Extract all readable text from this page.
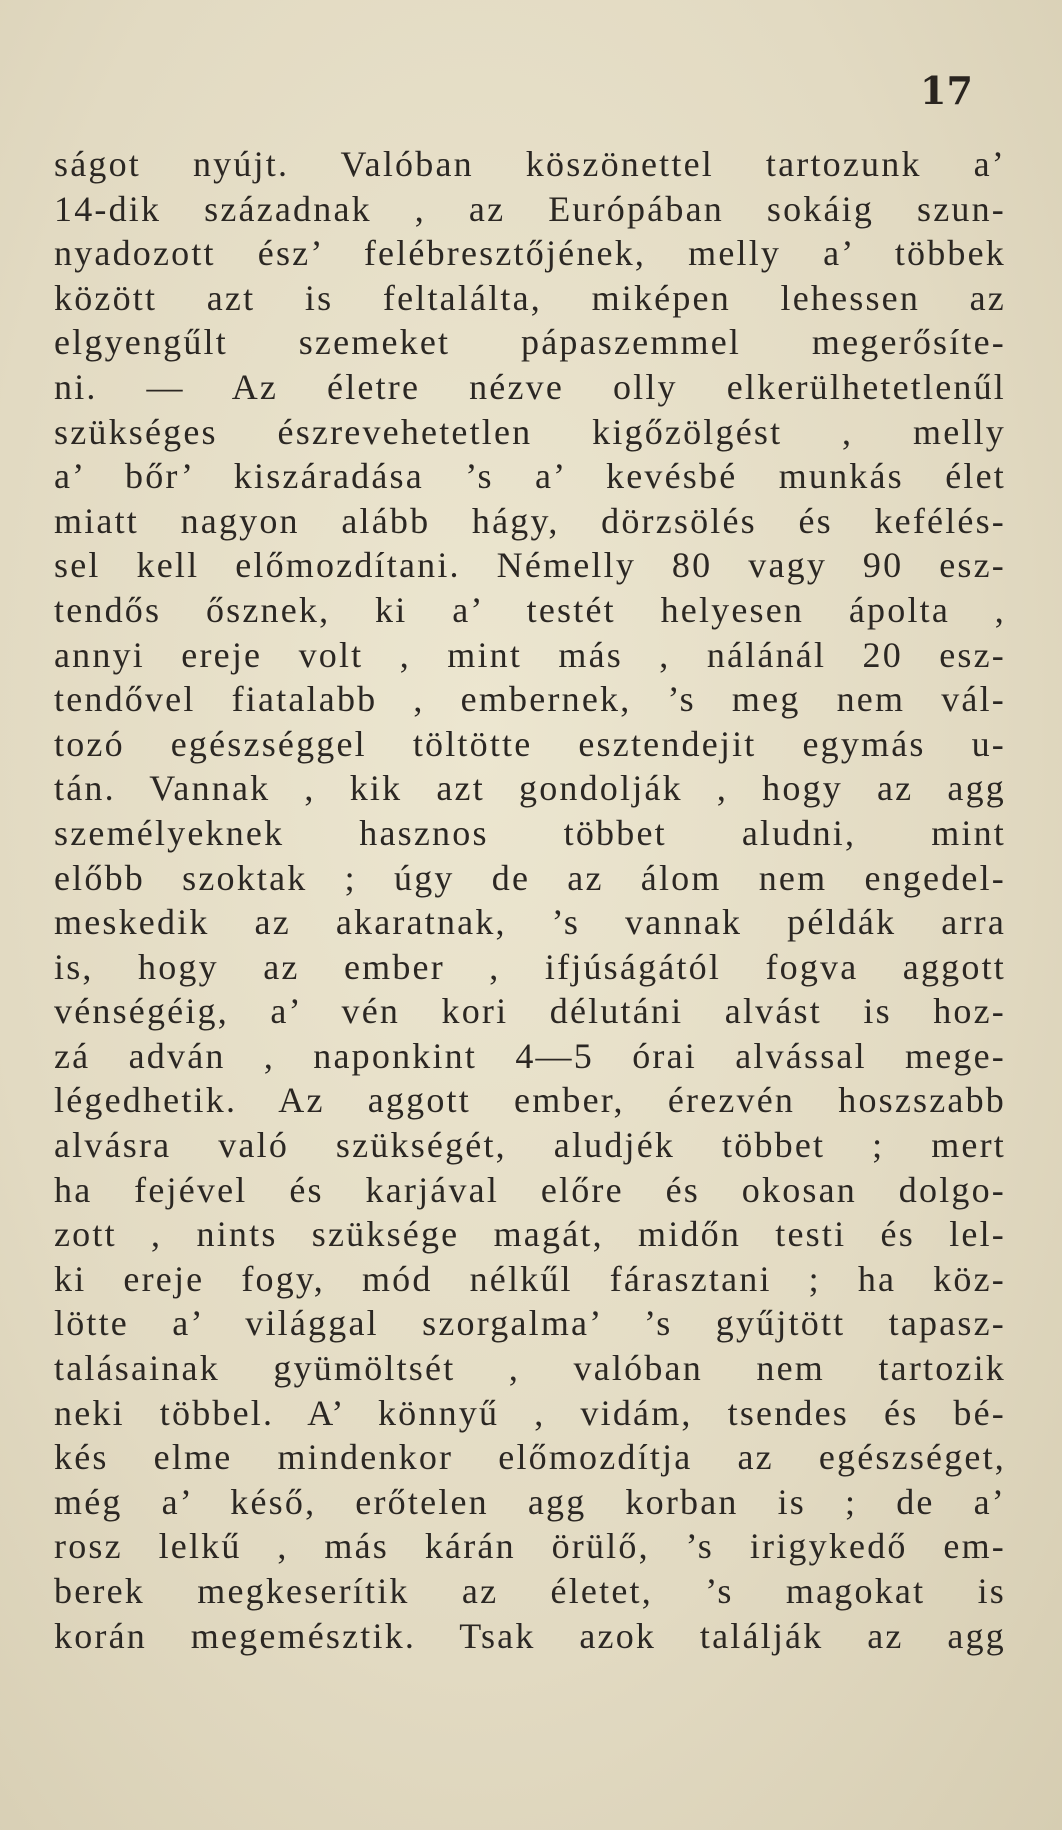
17
ságot nyújt. Valóban köszönettel tartozunk a’
14-dik századnak , az Európában sokáig szun-
nyadozott ész’ felébresztőjének, melly a’ többek
között azt is feltalálta, miképen lehessen az
elgyengűlt szemeket pápaszemmel megerősíte-
ni. — Az életre nézve olly elkerülhetetlenűl
szükséges észrevehetetlen kigőzölgést , melly
a’ bőr’ kiszáradása ’s a’ kevésbé munkás élet
miatt nagyon alább hágy, dörzsölés és kefélés-
sel kell előmozdítani. Némelly 80 vagy 90 esz-
tendős ősznek, ki a’ testét helyesen ápolta ,
annyi ereje volt , mint más , nálánál 20 esz-
tendővel fiatalabb , embernek, ’s meg nem vál-
tozó egészséggel töltötte esztendejit egymás u-
tán. Vannak , kik azt gondolják , hogy az agg
személyeknek hasznos többet aludni, mint
előbb szoktak ; úgy de az álom nem engedel-
meskedik az akaratnak, ’s vannak példák arra
is, hogy az ember , ifjúságától fogva aggott
vénségéig, a’ vén kori délutáni alvást is hoz-
zá adván , naponkint 4—5 órai alvással mege-
légedhetik. Az aggott ember, érezvén hoszszabb
alvásra való szükségét, aludjék többet ; mert
ha fejével és karjával előre és okosan dolgo-
zott , nints szüksége magát, midőn testi és lel-
ki ereje fogy, mód nélkűl fárasztani ; ha köz-
lötte a’ világgal szorgalma’ ’s gyűjtött tapasz-
talásainak gyümöltsét , valóban nem tartozik
neki többel. A’ könnyű , vidám, tsendes és bé-
kés elme mindenkor előmozdítja az egészséget,
még a’ késő, erőtelen agg korban is ; de a’
rosz lelkű , más kárán örülő, ’s irigykedő em-
berek megkeserítik az életet, ’s magokat is
korán megemésztik. Tsak azok találják az agg
